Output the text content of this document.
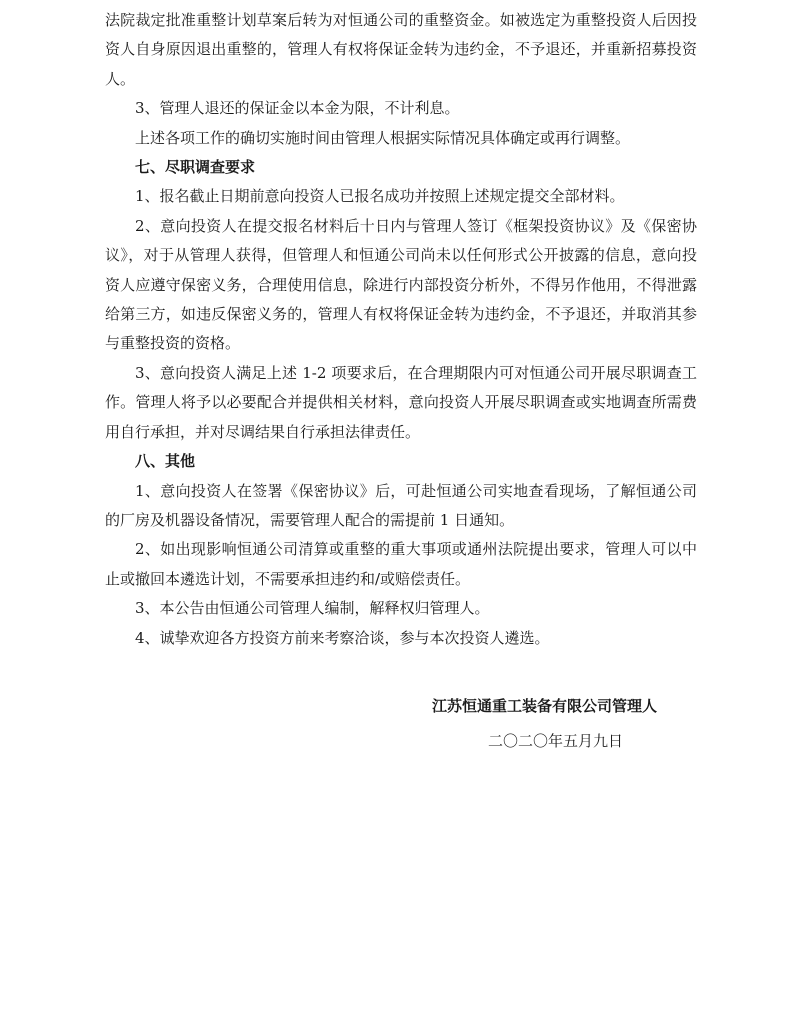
法院裁定批准重整计划草案后转为对恒通公司的重整资金。如被选定为重整投资人后因投资人自身原因退出重整的，管理人有权将保证金转为违约金，不予退还，并重新招募投资人。

3、管理人退还的保证金以本金为限，不计利息。

上述各项工作的确切实施时间由管理人根据实际情况具体确定或再行调整。

七、尽职调查要求

1、报名截止日期前意向投资人已报名成功并按照上述规定提交全部材料。

2、意向投资人在提交报名材料后十日内与管理人签订《框架投资协议》及《保密协议》，对于从管理人获得，但管理人和恒通公司尚未以任何形式公开披露的信息，意向投资人应遵守保密义务，合理使用信息，除进行内部投资分析外，不得另作他用，不得泄露给第三方，如违反保密义务的，管理人有权将保证金转为违约金，不予退还，并取消其参与重整投资的资格。

3、意向投资人满足上述 1-2 项要求后，在合理期限内可对恒通公司开展尽职调查工作。管理人将予以必要配合并提供相关材料，意向投资人开展尽职调查或实地调查所需费用自行承担，并对尽调结果自行承担法律责任。

八、其他

1、意向投资人在签署《保密协议》后，可赴恒通公司实地查看现场，了解恒通公司的厂房及机器设备情况，需要管理人配合的需提前 1 日通知。

2、如出现影响恒通公司清算或重整的重大事项或通州法院提出要求，管理人可以中止或撤回本遴选计划，不需要承担违约和/或赔偿责任。

3、本公告由恒通公司管理人编制，解释权归管理人。

4、诚挚欢迎各方投资方前来考察洽谈，参与本次投资人遴选。

江苏恒通重工装备有限公司管理人
二〇二〇年五月九日
